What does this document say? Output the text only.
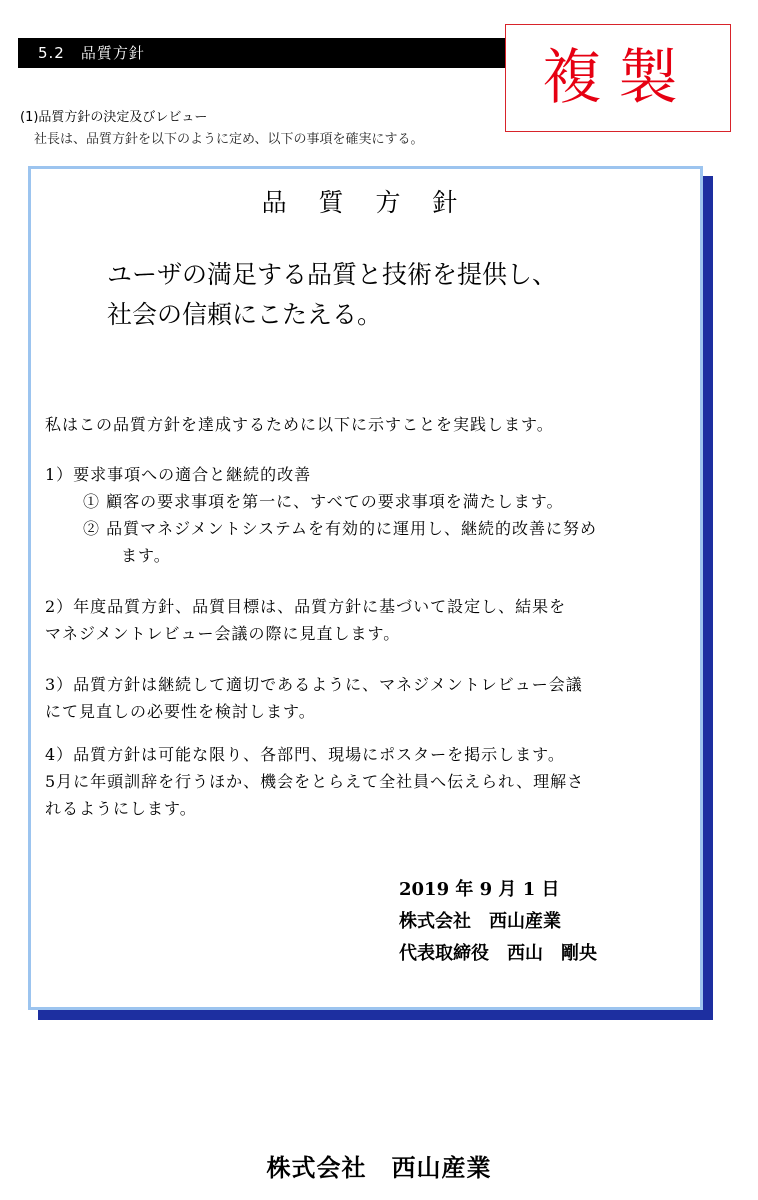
5.2　品質方針	複製
(1)品質方針の決定及びレビュー
社長は、品質方針を以下のように定め、以下の事項を確実にする。
品 質 方 針
ユーザの満足する品質と技術を提供し、
社会の信頼にこたえる。
私はこの品質方針を達成するために以下に示すことを実践します。
1）要求事項への適合と継続的改善
① 顧客の要求事項を第一に、すべての要求事項を満たします。
② 品質マネジメントシステムを有効的に運用し、継続的改善に努め
ます。
2）年度品質方針、品質目標は、品質方針に基づいて設定し、結果を
マネジメントレビュー会議の際に見直します。
3）品質方針は継続して適切であるように、マネジメントレビュー会議
にて見直しの必要性を検討します。
4）品質方針は可能な限り、各部門、現場にポスターを掲示します。
5月に年頭訓辞を行うほか、機会をとらえて全社員へ伝えられ、理解さ
れるようにします。
2019 年 9 月 1 日
株式会社　西山産業
代表取締役　西山　剛央
株式会社　西山産業
